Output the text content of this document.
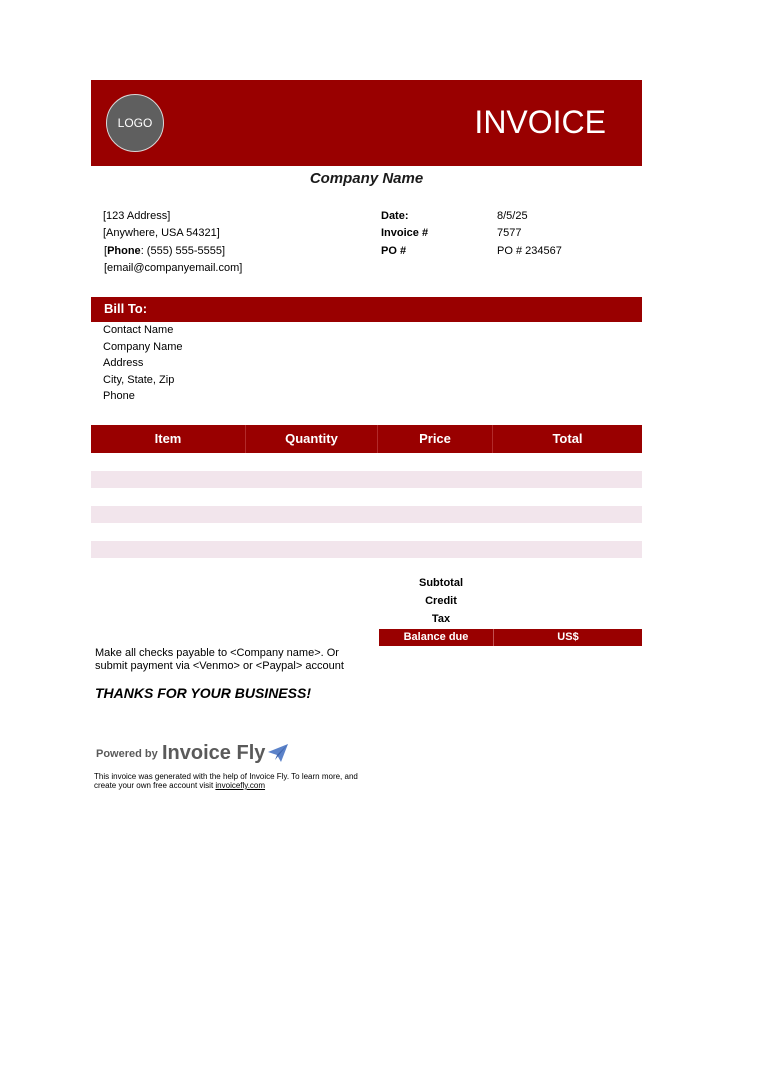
LOGO	INVOICE
Company Name
[123 Address]
[Anywhere, USA 54321]
[Phone: (555) 555-5555]
[email@companyemail.com]
Date:	8/5/25
Invoice #	7577
PO #	PO # 234567
Bill To:
Contact Name
Company Name
Address
City, State, Zip
Phone
Item	Quantity	Price	Total
Subtotal
Credit
Tax
Balance due	US$
Make all checks payable to <Company name>. Or
submit payment via <Venmo> or <Paypal> account
THANKS FOR YOUR BUSINESS!
Powered by Invoice Fly
This invoice was generated with the help of Invoice Fly. To learn more, and
create your own free account visit invoicefly.com
